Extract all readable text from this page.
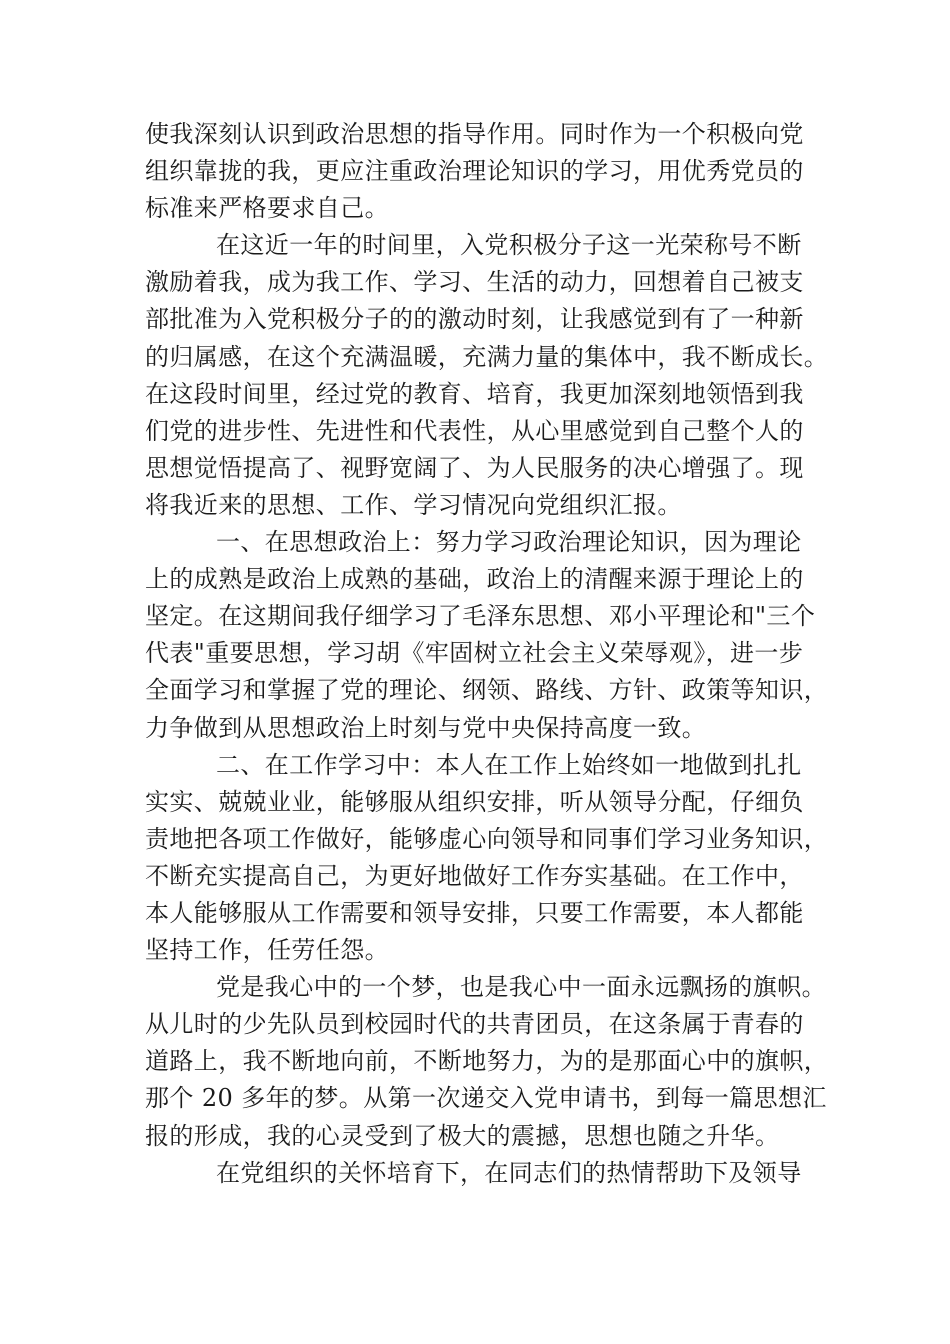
使我深刻认识到政治思想的指导作用。同时作为一个积极向党
组织靠拢的我，更应注重政治理论知识的学习，用优秀党员的
标准来严格要求自己。
在这近一年的时间里，入党积极分子这一光荣称号不断
激励着我，成为我工作、学习、生活的动力，回想着自己被支
部批准为入党积极分子的的激动时刻，让我感觉到有了一种新
的归属感，在这个充满温暖，充满力量的集体中，我不断成长。
在这段时间里，经过党的教育、培育，我更加深刻地领悟到我
们党的进步性、先进性和代表性，从心里感觉到自己整个人的
思想觉悟提高了、视野宽阔了、为人民服务的决心增强了。现
将我近来的思想、工作、学习情况向党组织汇报。
一、在思想政治上：努力学习政治理论知识，因为理论
上的成熟是政治上成熟的基础，政治上的清醒来源于理论上的
坚定。在这期间我仔细学习了毛泽东思想、邓小平理论和"三个
代表"重要思想，学习胡《牢固树立社会主义荣辱观》，进一步
全面学习和掌握了党的理论、纲领、路线、方针、政策等知识，
力争做到从思想政治上时刻与党中央保持高度一致。
二、在工作学习中：本人在工作上始终如一地做到扎扎
实实、兢兢业业，能够服从组织安排，听从领导分配，仔细负
责地把各项工作做好，能够虚心向领导和同事们学习业务知识，
不断充实提高自己，为更好地做好工作夯实基础。在工作中，
本人能够服从工作需要和领导安排，只要工作需要，本人都能
坚持工作，任劳任怨。
党是我心中的一个梦，也是我心中一面永远飘扬的旗帜。
从儿时的少先队员到校园时代的共青团员，在这条属于青春的
道路上，我不断地向前，不断地努力，为的是那面心中的旗帜，
那个 20 多年的梦。从第一次递交入党申请书，到每一篇思想汇
报的形成，我的心灵受到了极大的震撼，思想也随之升华。
在党组织的关怀培育下，在同志们的热情帮助下及领导
